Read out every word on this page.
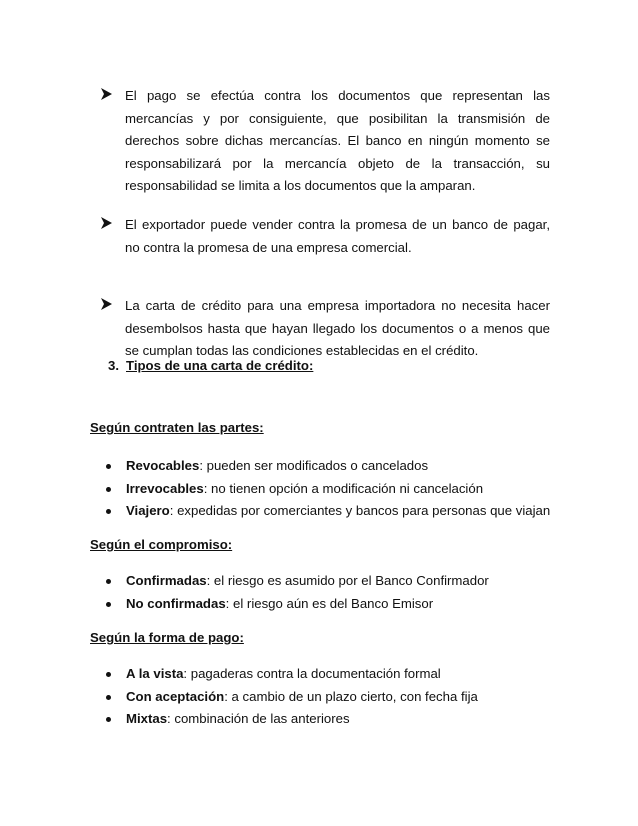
El pago se efectúa contra los documentos que representan las mercancías y por consiguiente, que posibilitan la transmisión de derechos sobre dichas mercancías. El banco en ningún momento se responsabilizará por la mercancía objeto de la transacción, su responsabilidad se limita a los documentos que la amparan.
El exportador puede vender contra la promesa de un banco de pagar, no contra la promesa de una empresa comercial.
La carta de crédito para una empresa importadora no necesita hacer desembolsos hasta que hayan llegado los documentos o a menos que se cumplan todas las condiciones establecidas en el crédito.
3. Tipos de una carta de crédito:
Según contraten las partes:
Revocables: pueden ser modificados o cancelados
Irrevocables: no tienen opción a modificación ni cancelación
Viajero: expedidas por comerciantes y bancos para personas que viajan
Según el compromiso:
Confirmadas: el riesgo es asumido por el Banco Confirmador
No confirmadas: el riesgo aún es del Banco Emisor
Según la forma de pago:
A la vista: pagaderas contra la documentación formal
Con aceptación: a cambio de un plazo cierto, con fecha fija
Mixtas: combinación de las anteriores
